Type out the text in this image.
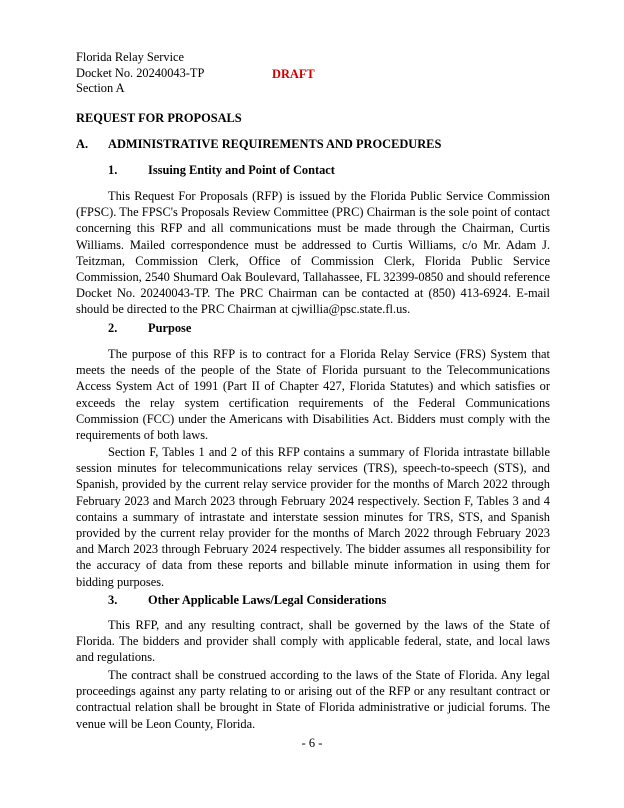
Florida Relay Service
Docket No. 20240043-TP
Section A
DRAFT
REQUEST FOR PROPOSALS
A. ADMINISTRATIVE REQUIREMENTS AND PROCEDURES
1. Issuing Entity and Point of Contact

This Request For Proposals (RFP) is issued by the Florida Public Service Commission (FPSC). The FPSC's Proposals Review Committee (PRC) Chairman is the sole point of contact concerning this RFP and all communications must be made through the Chairman, Curtis Williams. Mailed correspondence must be addressed to Curtis Williams, c/o Mr. Adam J. Teitzman, Commission Clerk, Office of Commission Clerk, Florida Public Service Commission, 2540 Shumard Oak Boulevard, Tallahassee, FL 32399-0850 and should reference Docket No. 20240043-TP. The PRC Chairman can be contacted at (850) 413-6924. E-mail should be directed to the PRC Chairman at cjwillia@psc.state.fl.us.

2. Purpose

The purpose of this RFP is to contract for a Florida Relay Service (FRS) System that meets the needs of the people of the State of Florida pursuant to the Telecommunications Access System Act of 1991 (Part II of Chapter 427, Florida Statutes) and which satisfies or exceeds the relay system certification requirements of the Federal Communications Commission (FCC) under the Americans with Disabilities Act. Bidders must comply with the requirements of both laws.

Section F, Tables 1 and 2 of this RFP contains a summary of Florida intrastate billable session minutes for telecommunications relay services (TRS), speech-to-speech (STS), and Spanish, provided by the current relay service provider for the months of March 2022 through February 2023 and March 2023 through February 2024 respectively. Section F, Tables 3 and 4 contains a summary of intrastate and interstate session minutes for TRS, STS, and Spanish provided by the current relay provider for the months of March 2022 through February 2023 and March 2023 through February 2024 respectively. The bidder assumes all responsibility for the accuracy of data from these reports and billable minute information in using them for bidding purposes.

3. Other Applicable Laws/Legal Considerations

This RFP, and any resulting contract, shall be governed by the laws of the State of Florida. The bidders and provider shall comply with applicable federal, state, and local laws and regulations.

The contract shall be construed according to the laws of the State of Florida. Any legal proceedings against any party relating to or arising out of the RFP or any resultant contract or contractual relation shall be brought in State of Florida administrative or judicial forums. The venue will be Leon County, Florida.

- 6 -
